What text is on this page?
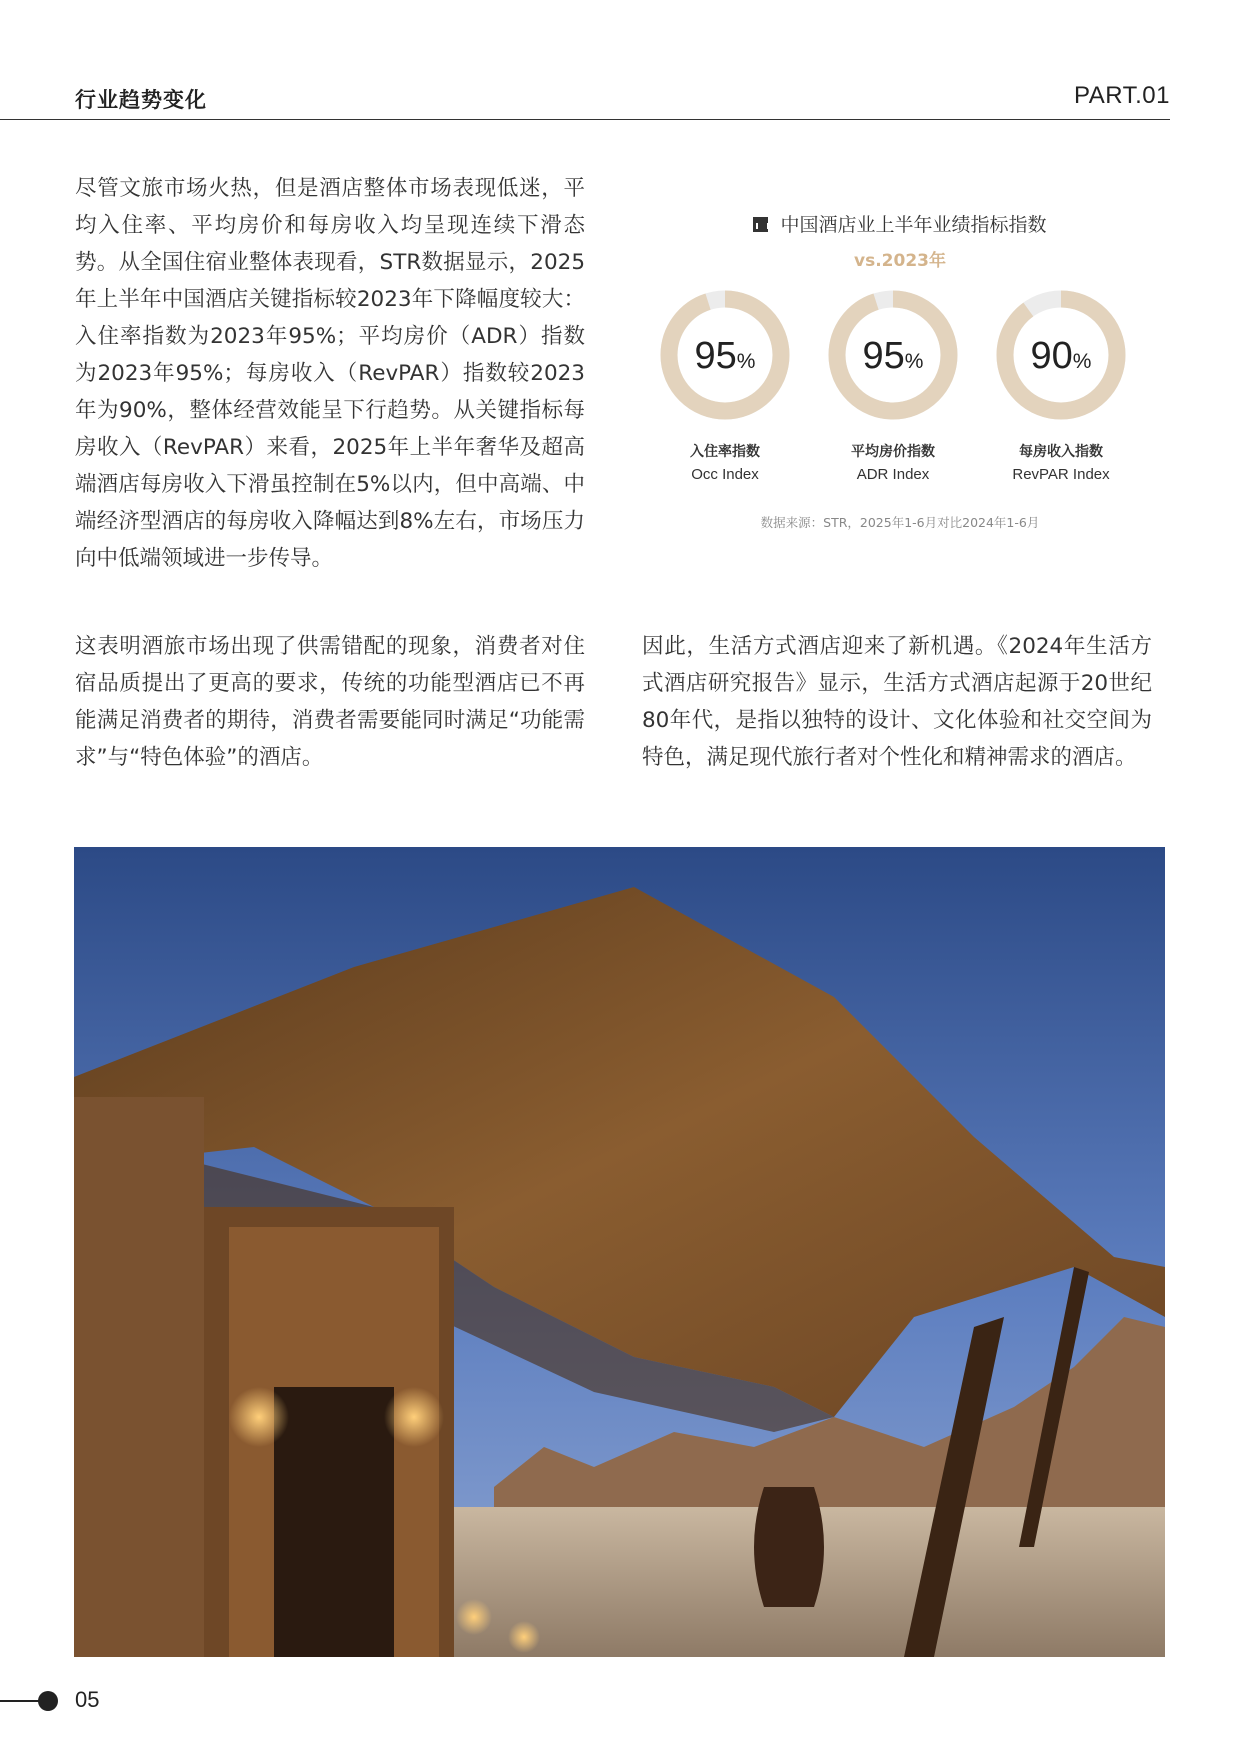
行业趋势变化	PART.01

尽管文旅市场火热，但是酒店整体市场表现低迷，平均入住率、平均房价和每房收入均呈现连续下滑态势。从全国住宿业整体表现看，STR数据显示，2025年上半年中国酒店关键指标较2023年下降幅度较大：入住率指数为2023年95%；平均房价（ADR）指数为2023年95%；每房收入（RevPAR）指数较2023年为90%，整体经营效能呈下行趋势。从关键指标每房收入（RevPAR）来看，2025年上半年奢华及超高端酒店每房收入下滑虽控制在5%以内，但中高端、中端经济型酒店的每房收入降幅达到8%左右，市场压力向中低端领域进一步传导。

中国酒店业上半年业绩指标指数
vs.2023年
95%
入住率指数
Occ Index
95%
平均房价指数
ADR Index
90%
每房收入指数
RevPAR Index
数据来源：STR，2025年1-6月对比2024年1-6月

这表明酒旅市场出现了供需错配的现象，消费者对住宿品质提出了更高的要求，传统的功能型酒店已不再能满足消费者的期待，消费者需要能同时满足“功能需求”与“特色体验”的酒店。

因此，生活方式酒店迎来了新机遇。《2024年生活方式酒店研究报告》显示，生活方式酒店起源于20世纪80年代，是指以独特的设计、文化体验和社交空间为特色，满足现代旅行者对个性化和精神需求的酒店。

05
